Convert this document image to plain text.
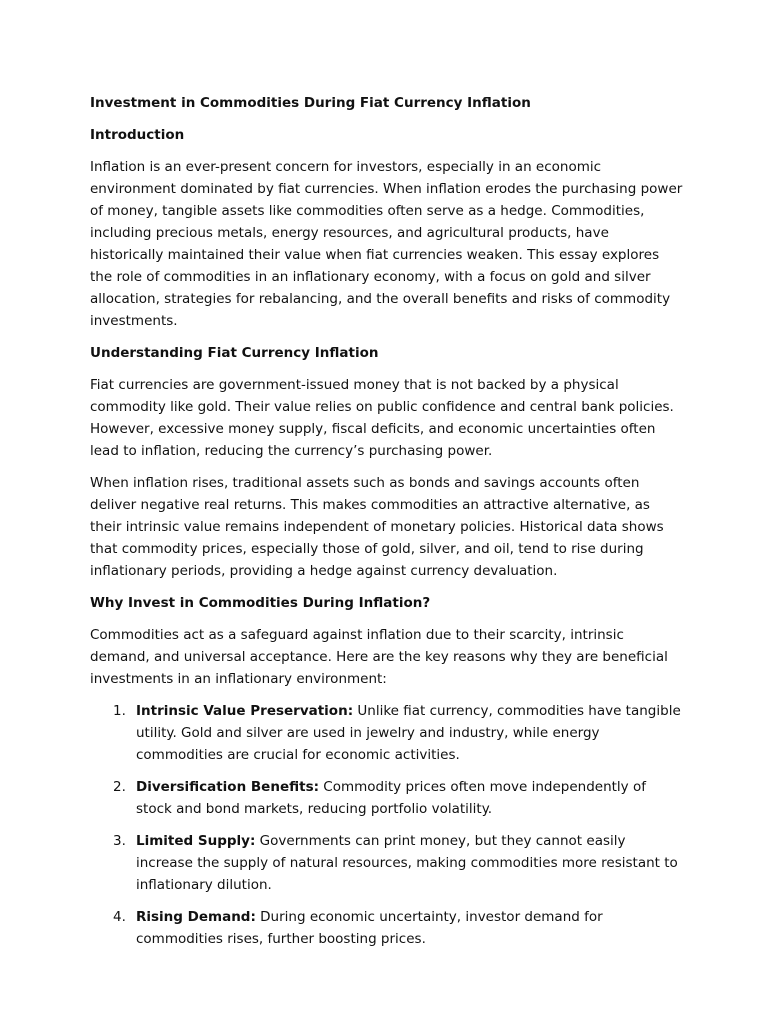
Investment in Commodities During Fiat Currency Inflation
Introduction

Inflation is an ever-present concern for investors, especially in an economic environment dominated by fiat currencies. When inflation erodes the purchasing power of money, tangible assets like commodities often serve as a hedge. Commodities, including precious metals, energy resources, and agricultural products, have historically maintained their value when fiat currencies weaken. This essay explores the role of commodities in an inflationary economy, with a focus on gold and silver allocation, strategies for rebalancing, and the overall benefits and risks of commodity investments.

Understanding Fiat Currency Inflation

Fiat currencies are government-issued money that is not backed by a physical commodity like gold. Their value relies on public confidence and central bank policies. However, excessive money supply, fiscal deficits, and economic uncertainties often lead to inflation, reducing the currency’s purchasing power.

When inflation rises, traditional assets such as bonds and savings accounts often deliver negative real returns. This makes commodities an attractive alternative, as their intrinsic value remains independent of monetary policies. Historical data shows that commodity prices, especially those of gold, silver, and oil, tend to rise during inflationary periods, providing a hedge against currency devaluation.

Why Invest in Commodities During Inflation?

Commodities act as a safeguard against inflation due to their scarcity, intrinsic demand, and universal acceptance. Here are the key reasons why they are beneficial investments in an inflationary environment:

1. Intrinsic Value Preservation: Unlike fiat currency, commodities have tangible utility. Gold and silver are used in jewelry and industry, while energy commodities are crucial for economic activities.
2. Diversification Benefits: Commodity prices often move independently of stock and bond markets, reducing portfolio volatility.
3. Limited Supply: Governments can print money, but they cannot easily increase the supply of natural resources, making commodities more resistant to inflationary dilution.
4. Rising Demand: During economic uncertainty, investor demand for commodities rises, further boosting prices.
